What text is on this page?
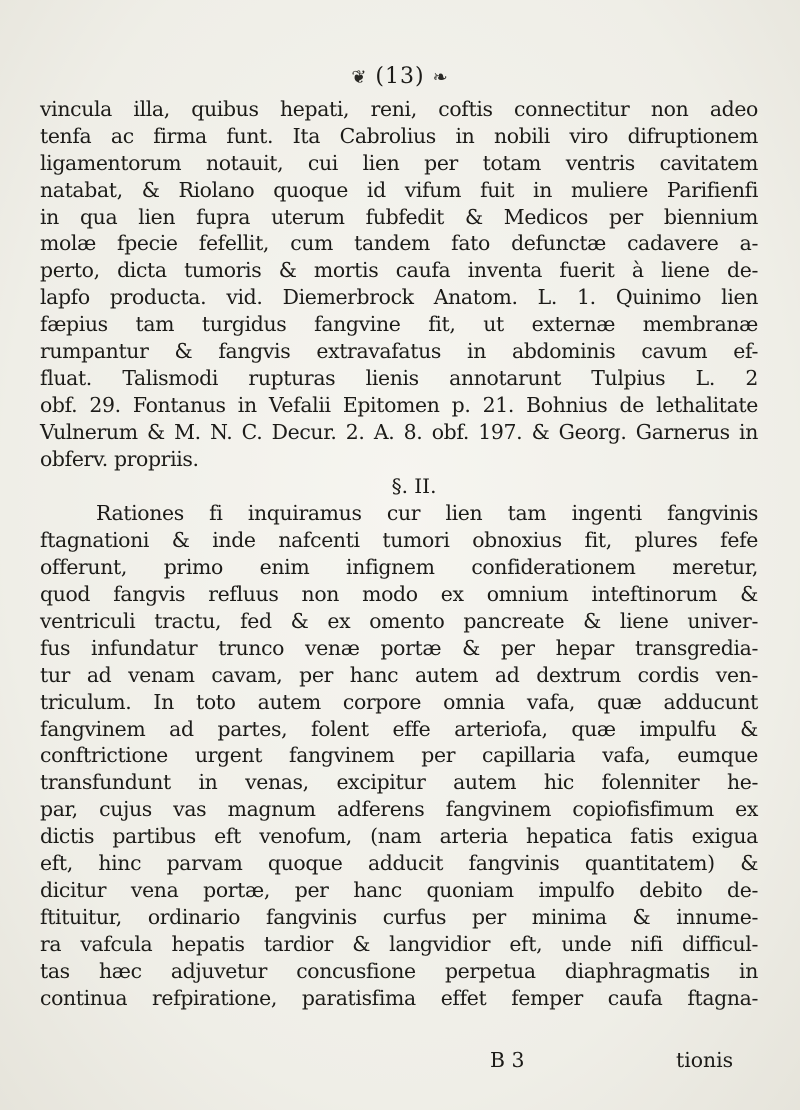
❦ (13) ❧
vincula illa, quibus hepati, reni, coftis connectitur non adeo
tenfa ac firma funt. Ita Cabrolius in nobili viro difruptionem
ligamentorum notauit, cui lien per totam ventris cavitatem
natabat, & Riolano quoque id vifum fuit in muliere Parifienfi
in qua lien fupra uterum fubfedit & Medicos per biennium
molæ fpecie fefellit, cum tandem fato defunctæ cadavere a-
perto, dicta tumoris & mortis caufa inventa fuerit à liene de-
lapfo producta. vid. Diemerbrock Anatom. L. 1. Quinimo lien
fæpius tam turgidus fangvine fit, ut externæ membranæ
rumpantur & fangvis extravafatus in abdominis cavum ef-
fluat. Talismodi rupturas lienis annotarunt Tulpius L. 2
obf. 29. Fontanus in Vefalii Epitomen p. 21. Bohnius de lethalitate
Vulnerum & M. N. C. Decur. 2. A. 8. obf. 197. & Georg. Garnerus in
obferv. propriis.
§. II.
Rationes fi inquiramus cur lien tam ingenti fangvinis
ftagnationi & inde nafcenti tumori obnoxius fit, plures fefe
offerunt, primo enim infignem confiderationem meretur,
quod fangvis refluus non modo ex omnium inteftinorum &
ventriculi tractu, fed & ex omento pancreate & liene univer-
fus infundatur trunco venæ portæ & per hepar transgredia-
tur ad venam cavam, per hanc autem ad dextrum cordis ven-
triculum. In toto autem corpore omnia vafa, quæ adducunt
fangvinem ad partes, folent effe arteriofa, quæ impulfu &
conftrictione urgent fangvinem per capillaria vafa, eumque
transfundunt in venas, excipitur autem hic folenniter he-
par, cujus vas magnum adferens fangvinem copiofisfimum ex
dictis partibus eft venofum, (nam arteria hepatica fatis exigua
eft, hinc parvam quoque adducit fangvinis quantitatem) &
dicitur vena portæ, per hanc quoniam impulfo debito de-
ftituitur, ordinario fangvinis curfus per minima & innume-
ra vafcula hepatis tardior & langvidior eft, unde nifi difficul-
tas hæc adjuvetur concusfione perpetua diaphragmatis in
continua refpiratione, paratisfima effet femper caufa ftagna-
B 3	tionis
